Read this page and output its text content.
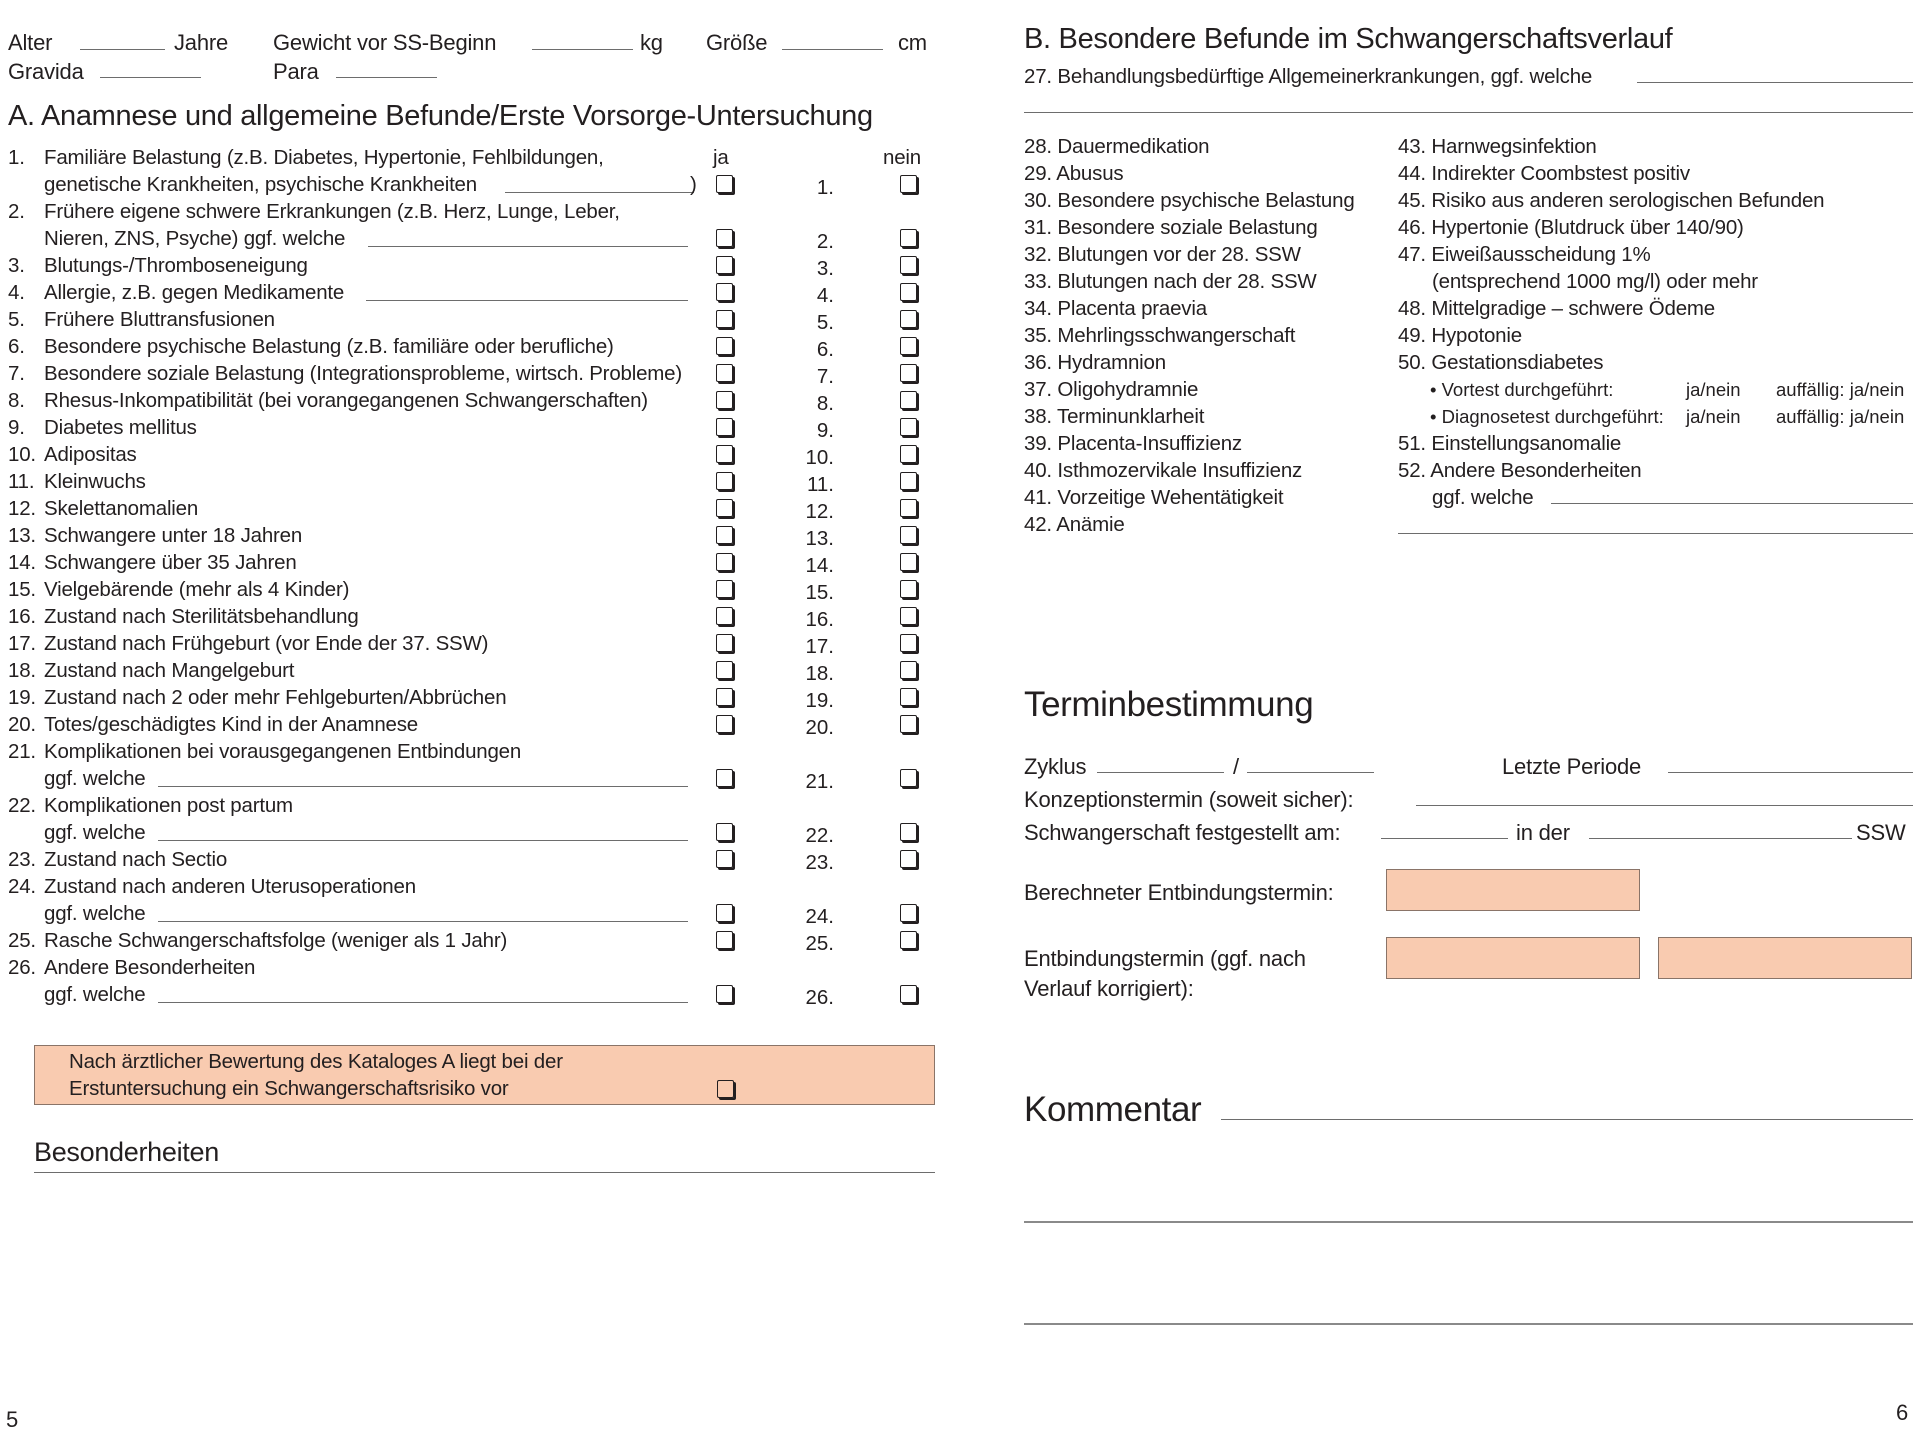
Alter	Jahre Gewicht vor SS-Beginn	kg Größe	cm
Gravida	Para
A. Anamnese und allgemeine Befunde/Erste Vorsorge-Untersuchung
ja	nein
1. Familiäre Belastung (z.B. Diabetes, Hypertonie, Fehlbildungen,
genetische Krankheiten, psychische Krankheiten	)	1.
2. Frühere eigene schwere Erkrankungen (z.B. Herz, Lunge, Leber,
Nieren, ZNS, Psyche) ggf. welche	2.
3. Blutungs-/Thromboseneigung	3.
4. Allergie, z.B. gegen Medikamente	4.
5. Frühere Bluttransfusionen	5.
6. Besondere psychische Belastung (z.B. familiäre oder berufliche)	6.
7. Besondere soziale Belastung (Integrationsprobleme, wirtsch. Probleme)	7.
8. Rhesus-Inkompatibilität (bei vorangegangenen Schwangerschaften)	8.
9. Diabetes mellitus	9.
10. Adipositas	10.
11. Kleinwuchs	11.
12. Skelettanomalien	12.
13. Schwangere unter 18 Jahren	13.
14. Schwangere über 35 Jahren	14.
15. Vielgebärende (mehr als 4 Kinder)	15.
16. Zustand nach Sterilitätsbehandlung	16.
17. Zustand nach Frühgeburt (vor Ende der 37. SSW)	17.
18. Zustand nach Mangelgeburt	18.
19. Zustand nach 2 oder mehr Fehlgeburten/Abbrüchen	19.
20. Totes/geschädigtes Kind in der Anamnese	20.
21. Komplikationen bei vorausgegangenen Entbindungen
ggf. welche	21.
22. Komplikationen post partum
ggf. welche	22.
23. Zustand nach Sectio	23.
24. Zustand nach anderen Uterusoperationen
ggf. welche	24.
25. Rasche Schwangerschaftsfolge (weniger als 1 Jahr)	25.
26. Andere Besonderheiten
ggf. welche	26.
Nach ärztlicher Bewertung des Kataloges A liegt bei der
Erstuntersuchung ein Schwangerschaftsrisiko vor
Besonderheiten
5
B. Besondere Befunde im Schwangerschaftsverlauf
27. Behandlungsbedürftige Allgemeinerkrankungen, ggf. welche
28. Dauermedikation
29. Abusus
30. Besondere psychische Belastung
31. Besondere soziale Belastung
32. Blutungen vor der 28. SSW
33. Blutungen nach der 28. SSW
34. Placenta praevia
35. Mehrlingsschwangerschaft
36. Hydramnion
37. Oligohydramnie
38. Terminunklarheit
39. Placenta-Insuffizienz
40. Isthmozervikale Insuffizienz
41. Vorzeitige Wehentätigkeit
42. Anämie
43. Harnwegsinfektion
44. Indirekter Coombstest positiv
45. Risiko aus anderen serologischen Befunden
46. Hypertonie (Blutdruck über 140/90)
47. Eiweißausscheidung 1%
(entsprechend 1000 mg/l) oder mehr
48. Mittelgradige – schwere Ödeme
49. Hypotonie
50. Gestationsdiabetes
• Vortest durchgeführt:	ja/nein auffällig: ja/nein
• Diagnosetest durchgeführt: ja/nein auffällig: ja/nein
51. Einstellungsanomalie
52. Andere Besonderheiten
ggf. welche
Terminbestimmung
Zyklus	/	Letzte Periode
Konzeptionstermin (soweit sicher):
Schwangerschaft festgestellt am:	in der	SSW
Berechneter Entbindungstermin:
Entbindungstermin (ggf. nach
Verlauf korrigiert):
Kommentar
6
